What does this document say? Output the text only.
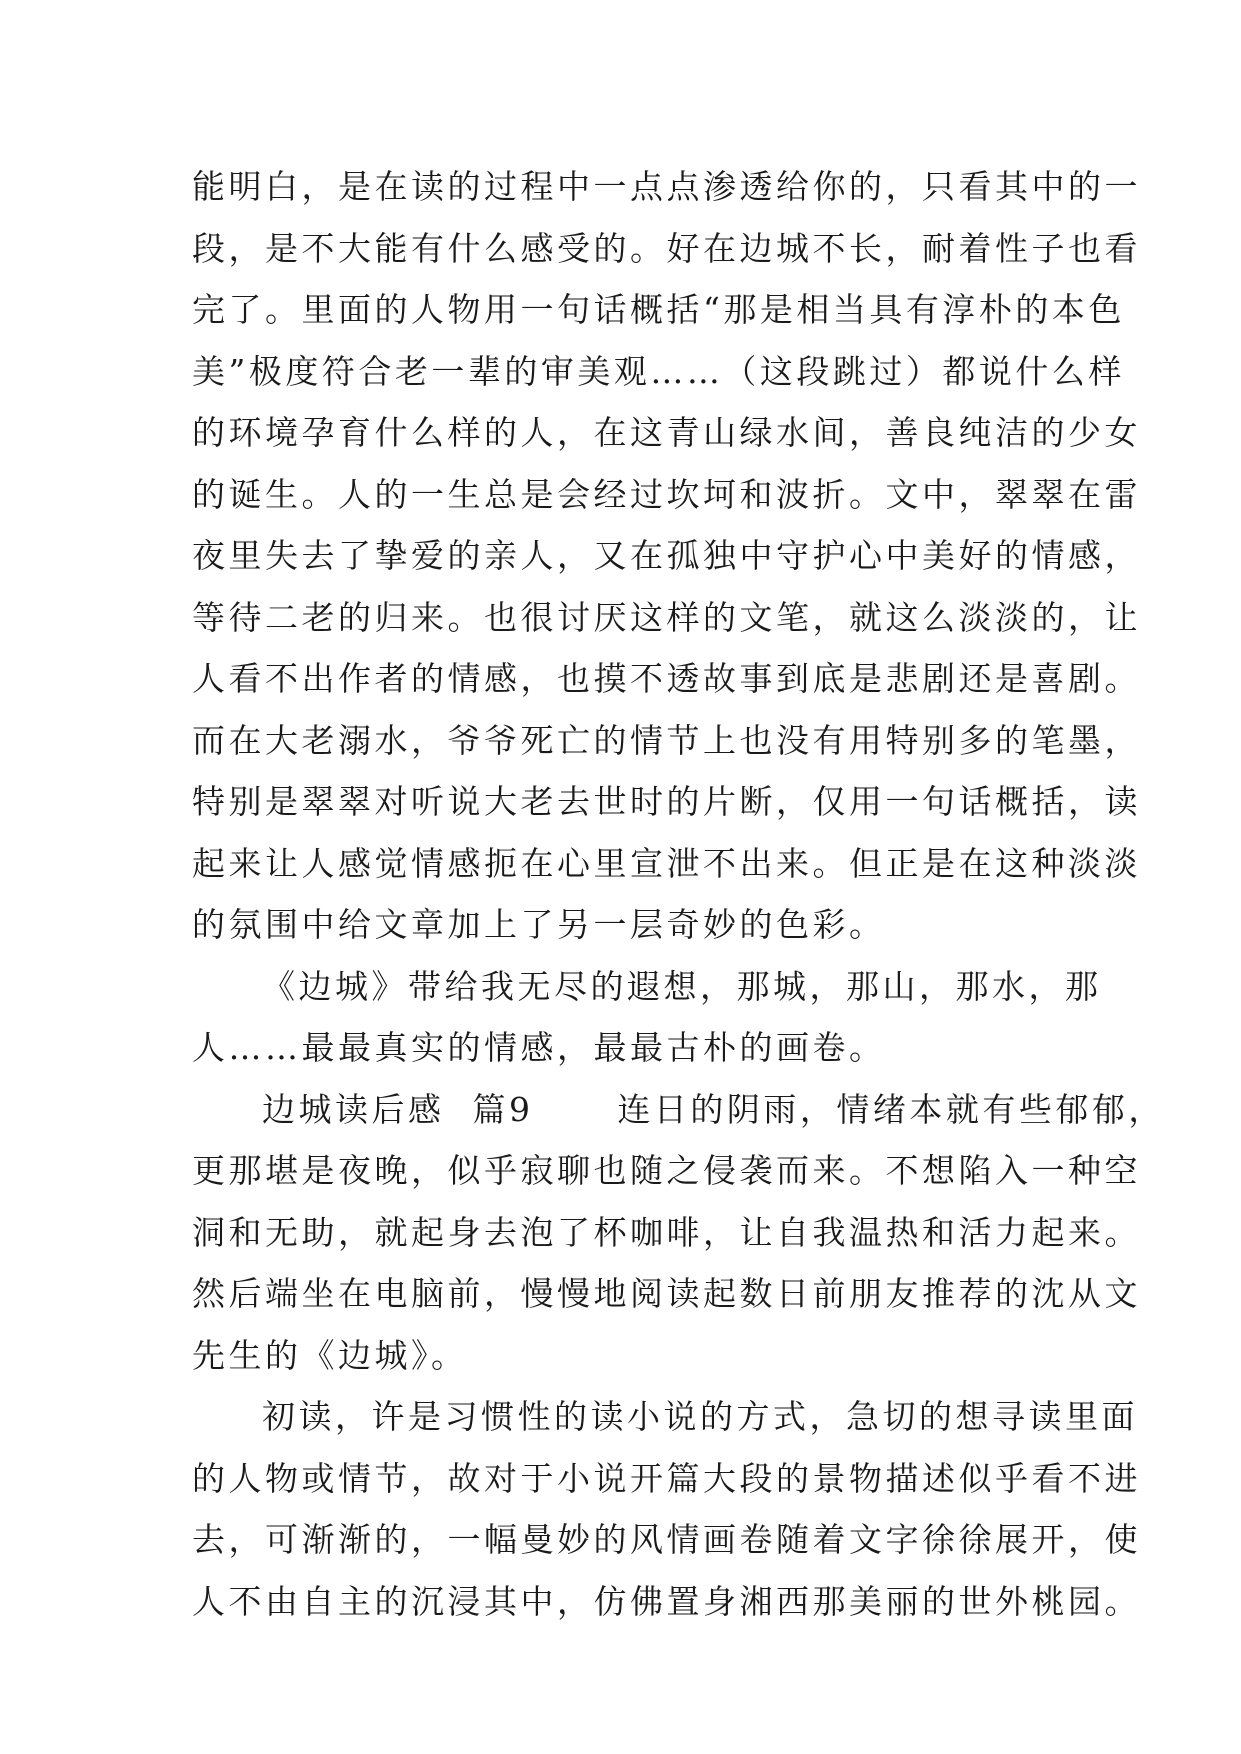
能明白，是在读的过程中一点点渗透给你的，只看其中的一
段，是不大能有什么感受的。好在边城不长，耐着性子也看
完了。里面的人物用一句话概括“那是相当具有淳朴的本色
美”极度符合老一辈的审美观……（这段跳过）都说什么样
的环境孕育什么样的人，在这青山绿水间，善良纯洁的少女
的诞生。人的一生总是会经过坎坷和波折。文中，翠翠在雷
夜里失去了挚爱的亲人，又在孤独中守护心中美好的情感，
等待二老的归来。也很讨厌这样的文笔，就这么淡淡的，让
人看不出作者的情感，也摸不透故事到底是悲剧还是喜剧。
而在大老溺水，爷爷死亡的情节上也没有用特别多的笔墨，
特别是翠翠对听说大老去世时的片断，仅用一句话概括，读
起来让人感觉情感扼在心里宣泄不出来。但正是在这种淡淡
的氛围中给文章加上了另一层奇妙的色彩。
《边城》带给我无尽的遐想，那城，那山，那水，那
人……最最真实的情感，最最古朴的画卷。
边城读后感  篇9      连日的阴雨，情绪本就有些郁郁，
更那堪是夜晚，似乎寂聊也随之侵袭而来。不想陷入一种空
洞和无助，就起身去泡了杯咖啡，让自我温热和活力起来。
然后端坐在电脑前，慢慢地阅读起数日前朋友推荐的沈从文
先生的《边城》。
初读，许是习惯性的读小说的方式，急切的想寻读里面
的人物或情节，故对于小说开篇大段的景物描述似乎看不进
去，可渐渐的，一幅曼妙的风情画卷随着文字徐徐展开，使
人不由自主的沉浸其中，仿佛置身湘西那美丽的世外桃园。
